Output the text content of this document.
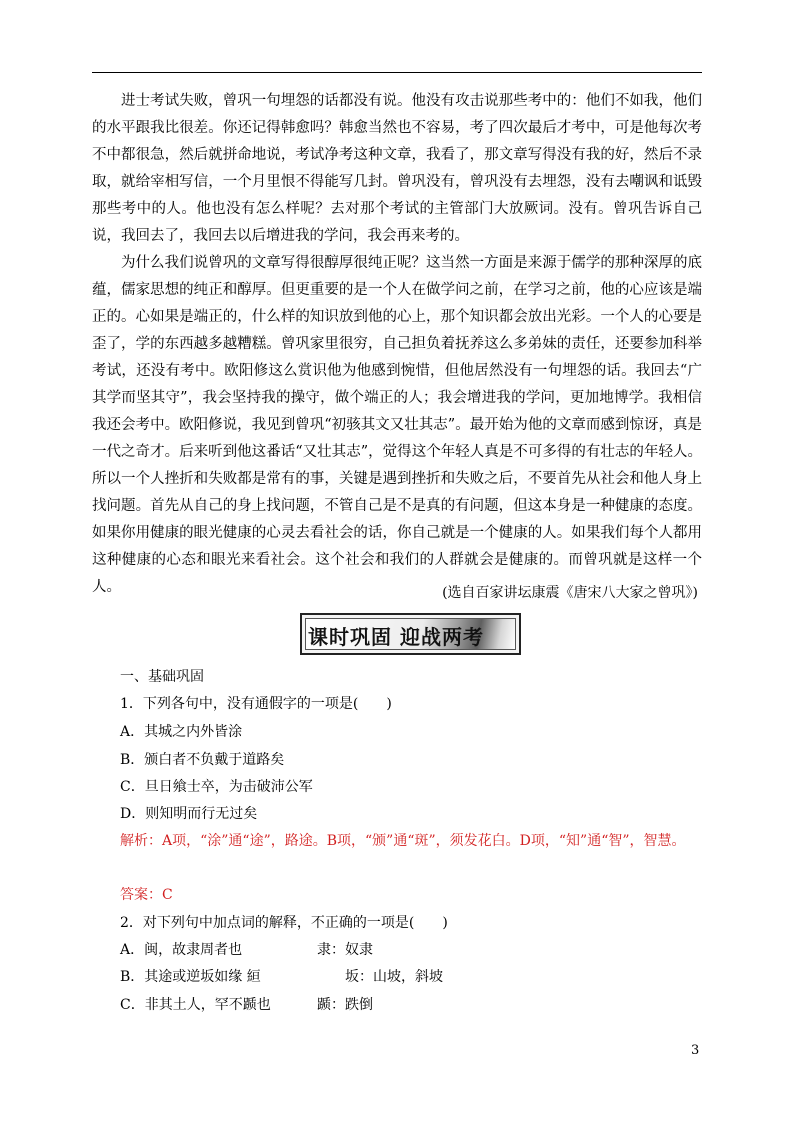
进士考试失败，曾巩一句埋怨的话都没有说。他没有攻击说那些考中的：他们不如我，他们的水平跟我比很差。你还记得韩愈吗？韩愈当然也不容易，考了四次最后才考中，可是他每次考不中都很急，然后就拼命地说，考试净考这种文章，我看了，那文章写得没有我的好，然后不录取，就给宰相写信，一个月里恨不得能写几封。曾巩没有，曾巩没有去埋怨，没有去嘲讽和诋毁那些考中的人。他也没有怎么样呢？去对那个考试的主管部门大放厥词。没有。曾巩告诉自己说，我回去了，我回去以后增进我的学问，我会再来考的。

为什么我们说曾巩的文章写得很醇厚很纯正呢？这当然一方面是来源于儒学的那种深厚的底蕴，儒家思想的纯正和醇厚。但更重要的是一个人在做学问之前，在学习之前，他的心应该是端正的。心如果是端正的，什么样的知识放到他的心上，那个知识都会放出光彩。一个人的心要是歪了，学的东西越多越糟糕。曾巩家里很穷，自己担负着抚养这么多弟妹的责任，还要参加科举考试，还没有考中。欧阳修这么赏识他为他感到惋惜，但他居然没有一句埋怨的话。我回去“广其学而坚其守”，我会坚持我的操守，做个端正的人；我会增进我的学问，更加地博学。我相信我还会考中。欧阳修说，我见到曾巩“初骇其文又壮其志”。最开始为他的文章而感到惊讶，真是一代之奇才。后来听到他这番话“又壮其志”，觉得这个年轻人真是不可多得的有壮志的年轻人。所以一个人挫折和失败都是常有的事，关键是遇到挫折和失败之后，不要首先从社会和他人身上找问题。首先从自己的身上找问题，不管自己是不是真的有问题，但这本身是一种健康的态度。如果你用健康的眼光健康的心灵去看社会的话，你自己就是一个健康的人。如果我们每个人都用这种健康的心态和眼光来看社会。这个社会和我们的人群就会是健康的。而曾巩就是这样一个人。	(选自百家讲坛康震《唐宋八大家之曾巩》)
课时巩固 迎战两考
一、基础巩固
1．下列各句中，没有通假字的一项是(　　)
A．其城之内外皆涂
B．颁白者不负戴于道路矣
C．旦日飨士卒，为击破沛公军
D．则知明而行无过矣
解析：A项，“涂”通“途”，路途。B项，“颁”通“斑”，须发花白。D项，“知”通“智”，智慧。
答案：C
2．对下列句中加点词的解释，不正确的一项是(　　)
A．闽，故隶周者也	隶：奴隶
B．其途或逆坂如缘 絙	坂：山坡，斜坡
C．非其土人，罕不踬也	踬：跌倒
3
